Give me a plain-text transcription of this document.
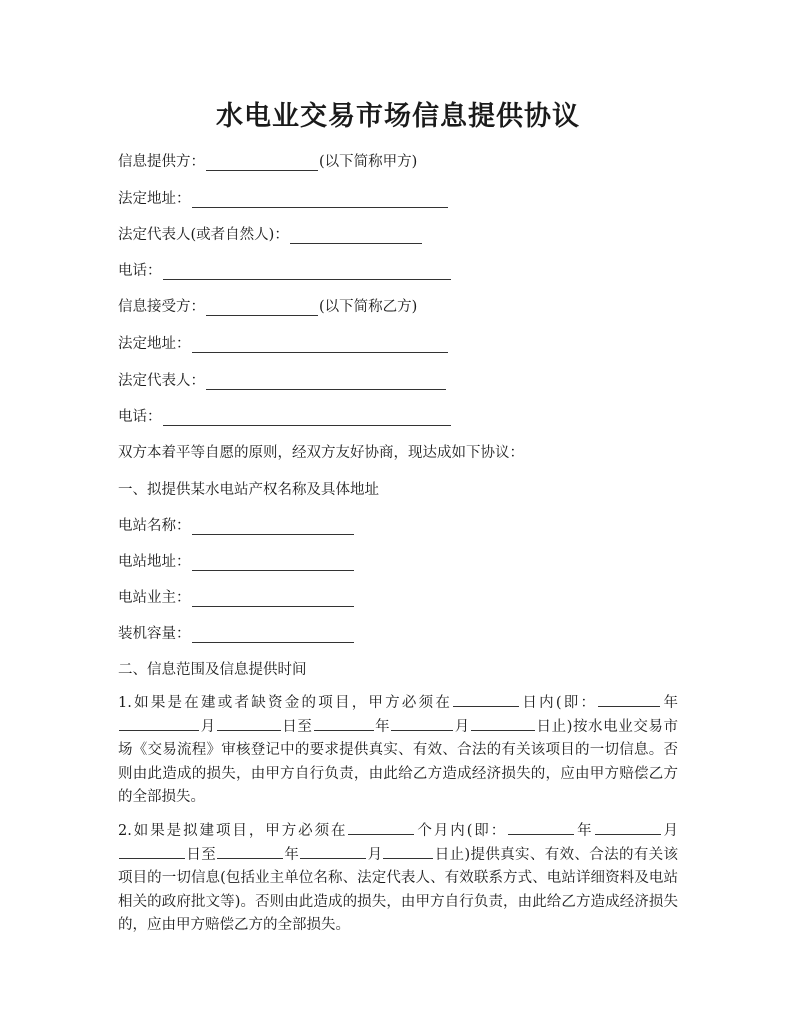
水电业交易市场信息提供协议
信息提供方：	(以下简称甲方)
法定地址：
法定代表人(或者自然人)：
电话：
信息接受方：	(以下简称乙方)
法定地址：
法定代表人：
电话：
双方本着平等自愿的原则，经双方友好协商，现达成如下协议：
一、拟提供某水电站产权名称及具体地址
电站名称：
电站地址：
电站业主：
装机容量：
二、信息范围及信息提供时间
1.如果是在建或者缺资金的项目，甲方必须在	日内(即：	年月	日至	年	月	日止)按水电业交易市场《交易流程》审核登记中的要求提供真实、有效、合法的有关该项目的一切信息。否则由此造成的损失，由甲方自行负责，由此给乙方造成经济损失的，应由甲方赔偿乙方的全部损失。
2.如果是拟建项目，甲方必须在	个月内(即：	年	月日至	年	月	日止)提供真实、有效、合法的有关该项目的一切信息(包括业主单位名称、法定代表人、有效联系方式、电站详细资料及电站相关的政府批文等)。否则由此造成的损失，由甲方自行负责，由此给乙方造成经济损失的，应由甲方赔偿乙方的全部损失。
